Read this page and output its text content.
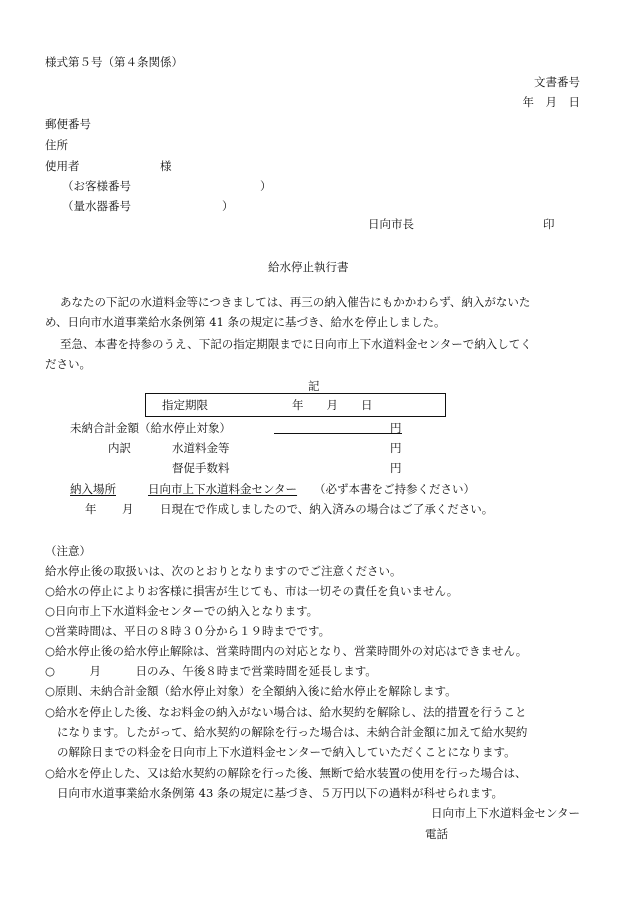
様式第５号（第４条関係）
文書番号
年　月　日
郵便番号
住所
使用者	様
（お客様番号	）
（量水器番号	）
日向市長	印
給水停止執行書
あなたの下記の水道料金等につきましては、再三の納入催告にもかかわらず、納入がないた
め、日向市水道事業給水条例第 41 条の規定に基づき、給水を停止しました。
至急、本書を持参のうえ、下記の指定期限までに日向市上下水道料金センターで納入してく
ださい。
記
指定期限	年　　月　　日
未納合計金額（給水停止対象）	円
内訳	水道料金等	円
督促手数料	円
納入場所	日向市上下水道料金センター （必ず本書をご持参ください）
年 月 日現在で作成しましたので、納入済みの場合はご了承ください。
（注意）
給水停止後の取扱いは、次のとおりとなりますのでご注意ください。
○給水の停止によりお客様に損害が生じても、市は一切その責任を負いません。
○日向市上下水道料金センターでの納入となります。
○営業時間は、平日の８時３０分から１９時までです。
○給水停止後の給水停止解除は、営業時間内の対応となり、営業時間外の対応はできません。
○　　　月　　　日のみ、午後８時まで営業時間を延長します。
○原則、未納合計金額（給水停止対象）を全額納入後に給水停止を解除します。
○給水を停止した後、なお料金の納入がない場合は、給水契約を解除し、法的措置を行うこと
になります。したがって、給水契約の解除を行った場合は、未納合計金額に加えて給水契約
の解除日までの料金を日向市上下水道料金センターで納入していただくことになります。
○給水を停止した、又は給水契約の解除を行った後、無断で給水装置の使用を行った場合は、
日向市水道事業給水条例第 43 条の規定に基づき、５万円以下の過料が科せられます。
日向市上下水道料金センター
電話
